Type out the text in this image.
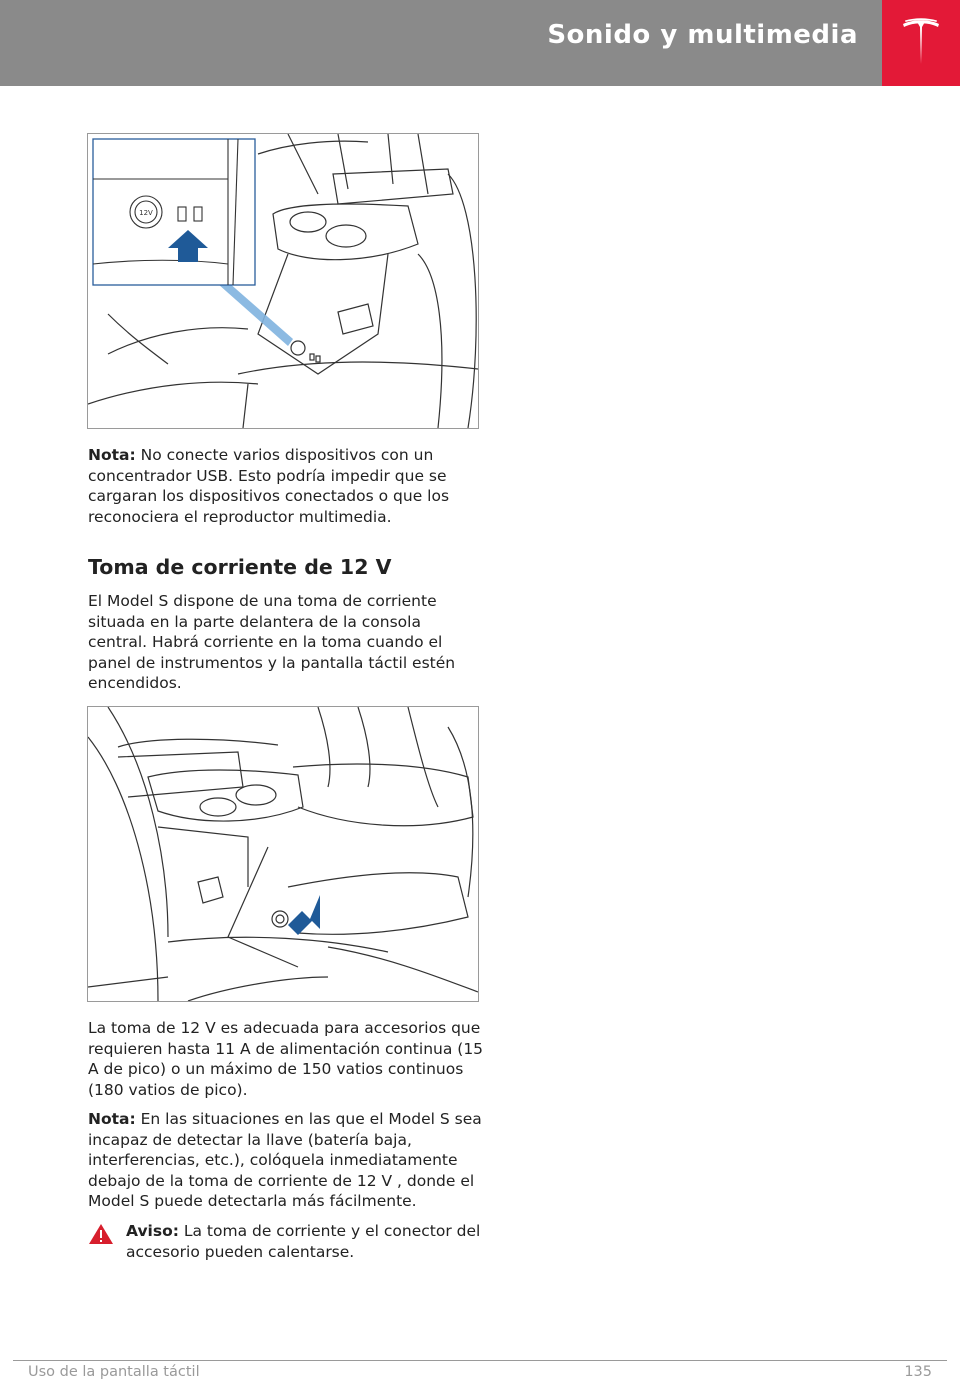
Sonido y multimedia
12V

Nota: No conecte varios dispositivos con un concentrador USB. Esto podría impedir que se cargaran los dispositivos conectados o que los reconociera el reproductor multimedia.

Toma de corriente de 12 V

El Model S dispone de una toma de corriente situada en la parte delantera de la consola central. Habrá corriente en la toma cuando el panel de instrumentos y la pantalla táctil estén encendidos.

La toma de 12 V es adecuada para accesorios que requieren hasta 11 A de alimentación continua (15 A de pico) o un máximo de 150 vatios continuos (180 vatios de pico).

Nota: En las situaciones en las que el Model S sea incapaz de detectar la llave (batería baja, interferencias, etc.), colóquela inmediatamente debajo de la toma de corriente de 12 V , donde el Model S puede detectarla más fácilmente.

Aviso: La toma de corriente y el conector del accesorio pueden calentarse.

Uso de la pantalla táctil	135
